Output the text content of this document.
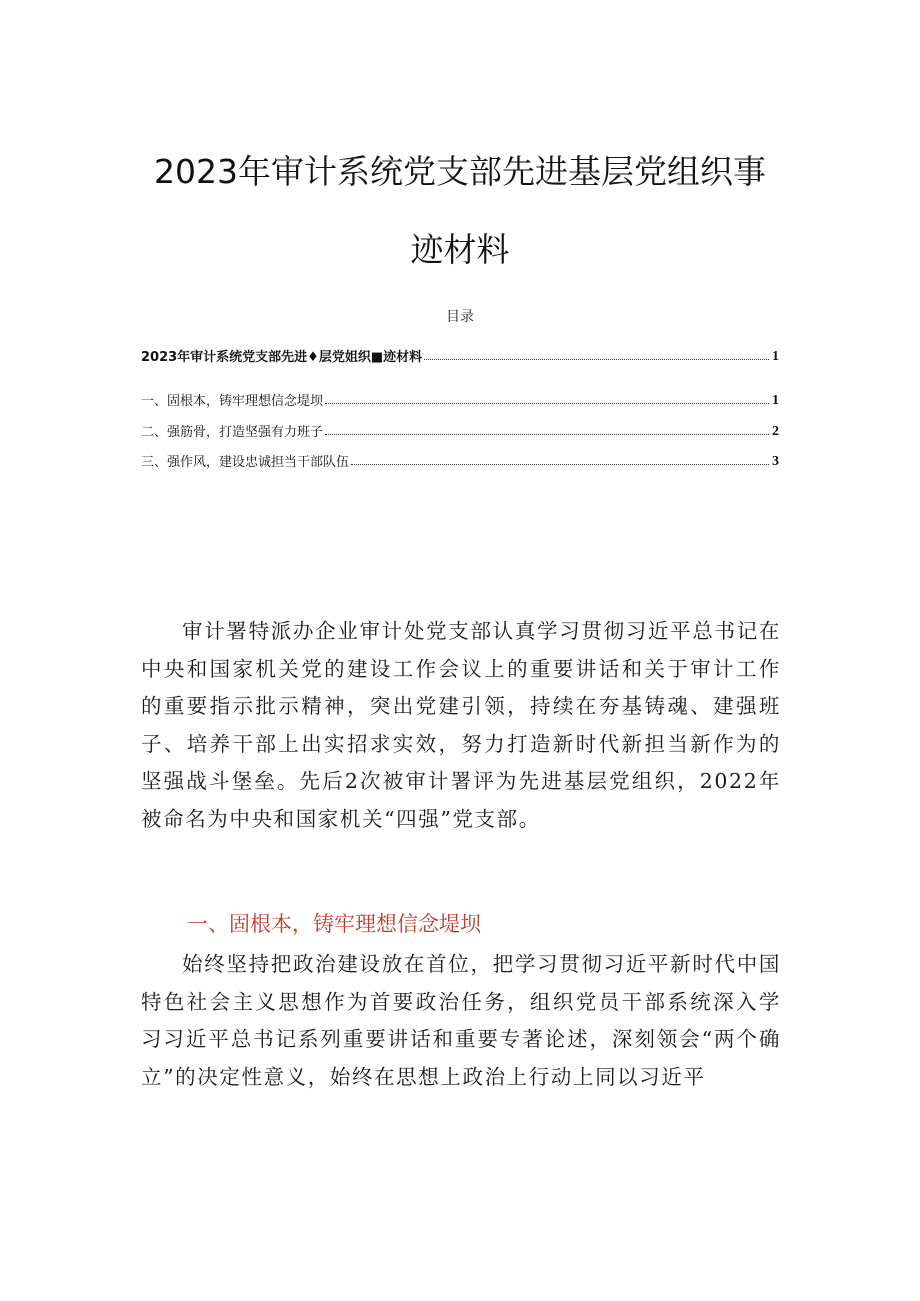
2023年审计系统党支部先进基层党组织事
迹材料
目录
2023年审计系统党支部先进♦层党姐织■迹材料	1
一、固根本，铸牢理想信念堤坝	1
二、强筋骨，打造坚强有力班子	2
三、强作风，建设忠诚担当干部队伍	3

审计署特派办企业审计处党支部认真学习贯彻习近平总书记在中央和国家机关党的建设工作会议上的重要讲话和关于审计工作的重要指示批示精神，突出党建引领，持续在夯基铸魂、建强班子、培养干部上出实招求实效，努力打造新时代新担当新作为的坚强战斗堡垒。先后2次被审计署评为先进基层党组织，2022年被命名为中央和国家机关“四强”党支部。

一、固根本，铸牢理想信念堤坝

始终坚持把政治建设放在首位，把学习贯彻习近平新时代中国特色社会主义思想作为首要政治任务，组织党员干部系统深入学习习近平总书记系列重要讲话和重要专著论述，深刻领会“两个确立”的决定性意义，始终在思想上政治上行动上同以习近平
